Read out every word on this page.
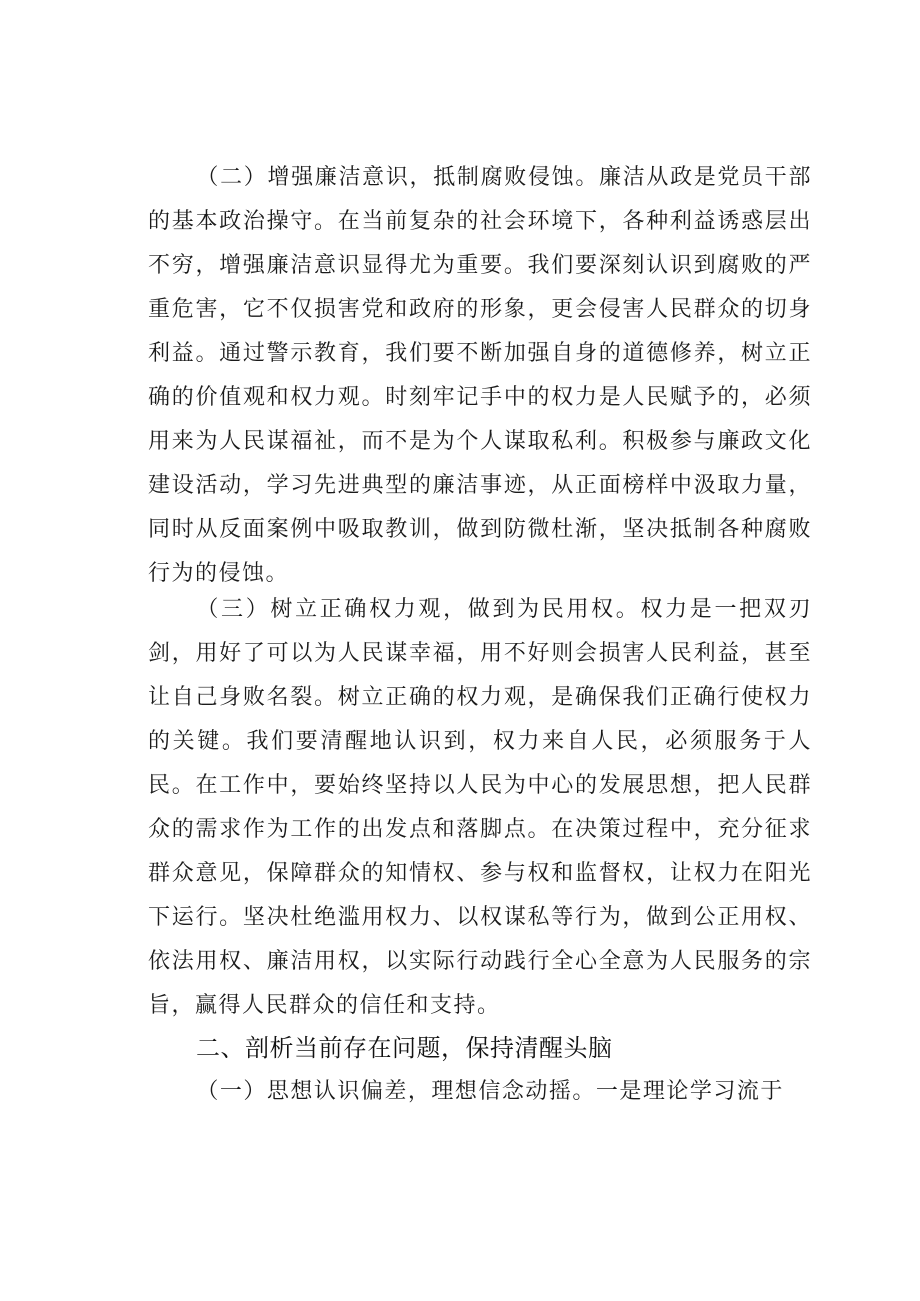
（二）增强廉洁意识，抵制腐败侵蚀。廉洁从政是党员干部的基本政治操守。在当前复杂的社会环境下，各种利益诱惑层出不穷，增强廉洁意识显得尤为重要。我们要深刻认识到腐败的严重危害，它不仅损害党和政府的形象，更会侵害人民群众的切身利益。通过警示教育，我们要不断加强自身的道德修养，树立正确的价值观和权力观。时刻牢记手中的权力是人民赋予的，必须用来为人民谋福祉，而不是为个人谋取私利。积极参与廉政文化建设活动，学习先进典型的廉洁事迹，从正面榜样中汲取力量，同时从反面案例中吸取教训，做到防微杜渐，坚决抵制各种腐败行为的侵蚀。

（三）树立正确权力观，做到为民用权。权力是一把双刃剑，用好了可以为人民谋幸福，用不好则会损害人民利益，甚至让自己身败名裂。树立正确的权力观，是确保我们正确行使权力的关键。我们要清醒地认识到，权力来自人民，必须服务于人民。在工作中，要始终坚持以人民为中心的发展思想，把人民群众的需求作为工作的出发点和落脚点。在决策过程中，充分征求群众意见，保障群众的知情权、参与权和监督权，让权力在阳光下运行。坚决杜绝滥用权力、以权谋私等行为，做到公正用权、依法用权、廉洁用权，以实际行动践行全心全意为人民服务的宗旨，赢得人民群众的信任和支持。

二、剖析当前存在问题，保持清醒头脑

（一）思想认识偏差，理想信念动摇。一是理论学习流于
